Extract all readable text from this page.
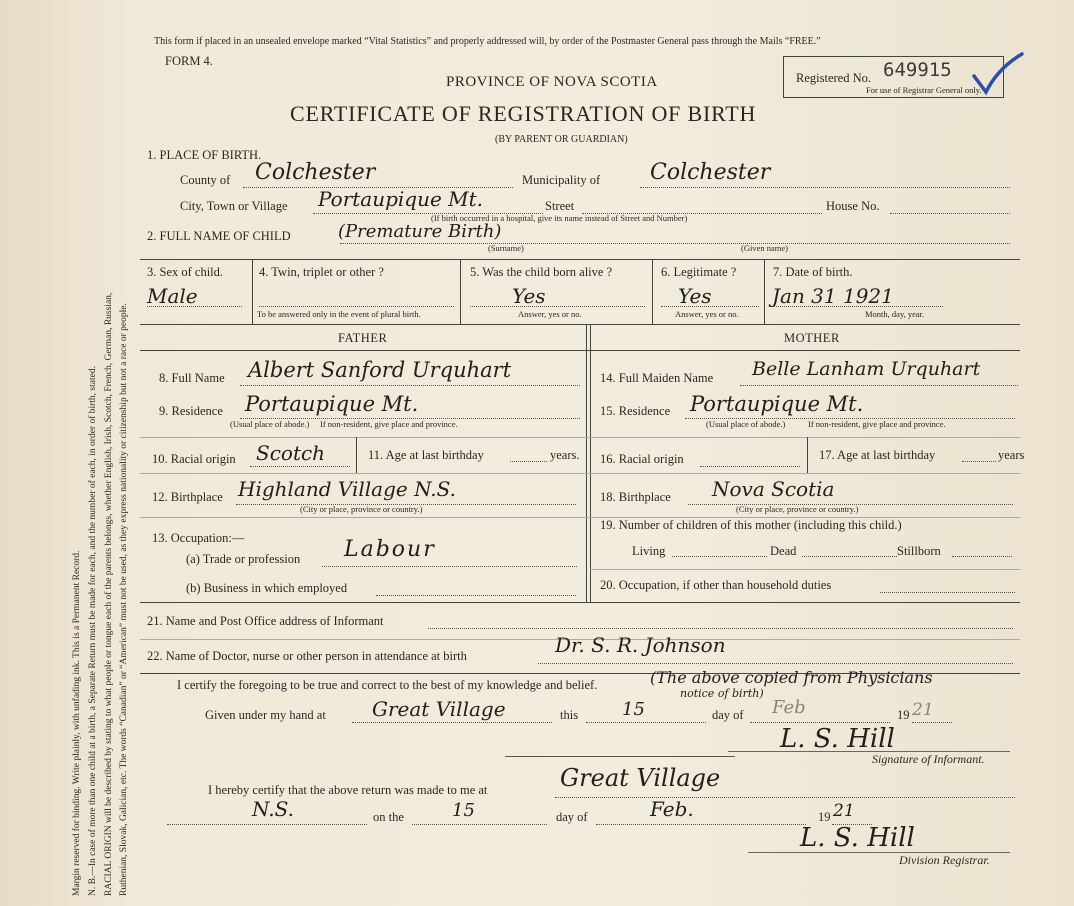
Margin reserved for binding. Write plainly, with unfading ink. This is a Permanent Record. N. B.—In case of more than one child at a birth, a Separate Return must be made for each, and the number of each, in order of birth, stated. RACIAL ORIGIN will be described by stating to what people or tongue each of the parents belongs, whether English, Irish, Scotch, French, German, Russian, Ruthenian, Slovak, Galician, etc. The words “Canadian” or “American” must not be used, as they express nationality or citizenship but not a race or people.
This form if placed in an unsealed envelope marked “Vital Statistics” and properly addressed will, by order of the Postmaster General pass through the Mails “FREE.”
FORM 4.
PROVINCE OF NOVA SCOTIA
CERTIFICATE OF REGISTRATION OF BIRTH
(BY PARENT OR GUARDIAN)
Registered No. 649915
For use of Registrar General only.
1. PLACE OF BIRTH.
County of Colchester	Municipality of Colchester
City, Town or Village Portaupique Mt.	Street	House No.
(If birth occurred in a hospital, give its name instead of Street and Number)
2. FULL NAME OF CHILD	(Premature Birth)
(Surname)	(Given name)
3. Sex of child.
Male
4. Twin, triplet or other ?
To be answered only in the event of plural birth.
5. Was the child born alive ?
Yes
Answer, yes or no.
6. Legitimate ?
Yes
Answer, yes or no.
7. Date of birth.
Jan 31 1921
Month, day, year.
FATHER	MOTHER
8. Full Name Albert Sanford Urquhart
9. Residence Portaupique Mt.
(Usual place of abode.) If non-resident, give place and province.
10. Racial origin Scotch	11. Age at last birthday	years.
12. Birthplace Highland Village N.S.
(City or place, province or country.)
13. Occupation:—
(a) Trade or profession Labour
(b) Business in which employed
14. Full Maiden Name Belle Lanham Urquhart
15. Residence Portaupique Mt.
(Usual place of abode.)	If non-resident, give place and province.
16. Racial origin	17. Age at last birthday	years
18. Birthplace Nova Scotia
(City or place, province or country.)
19. Number of children of this mother (including this child.)
Living	Dead	Stillborn
20. Occupation, if other than household duties
21. Name and Post Office address of Informant
22. Name of Doctor, nurse or other person in attendance at birth	Dr. S. R. Johnson
I certify the foregoing to be true and correct to the best of my knowledge and belief.	(The above copied from Physicians
notice of birth)
Given under my hand at Great Village	this 15	day of Feb	19 21
L. S. Hill
Signature of Informant.
I hereby certify that the above return was made to me at	Great Village
N.S.	on the	15	day of	Feb.	19 21
L. S. Hill
Division Registrar.
